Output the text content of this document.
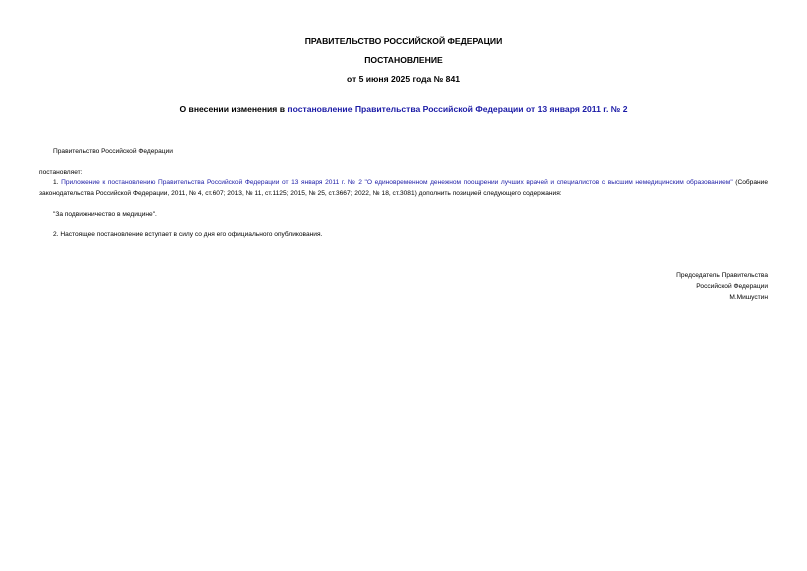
ПРАВИТЕЛЬСТВО РОССИЙСКОЙ ФЕДЕРАЦИИ
ПОСТАНОВЛЕНИЕ
от 5 июня 2025 года № 841
О внесении изменения в постановление Правительства Российской Федерации от 13 января 2011 г. № 2
Правительство Российской Федерации
постановляет:
1. Приложение к постановлению Правительства Российской Федерации от 13 января 2011 г. № 2 "О единовременном денежном поощрении лучших врачей и специалистов с высшим немедицинским образованием" (Собрание законодательства Российской Федерации, 2011, № 4, ст.607; 2013, № 11, ст.1125; 2015, № 25, ст.3667; 2022, № 18, ст.3081) дополнить позицией следующего содержания:
"За подвижничество в медицине".
2. Настоящее постановление вступает в силу со дня его официального опубликования.
Председатель Правительства
Российской Федерации
М.Мишустин
